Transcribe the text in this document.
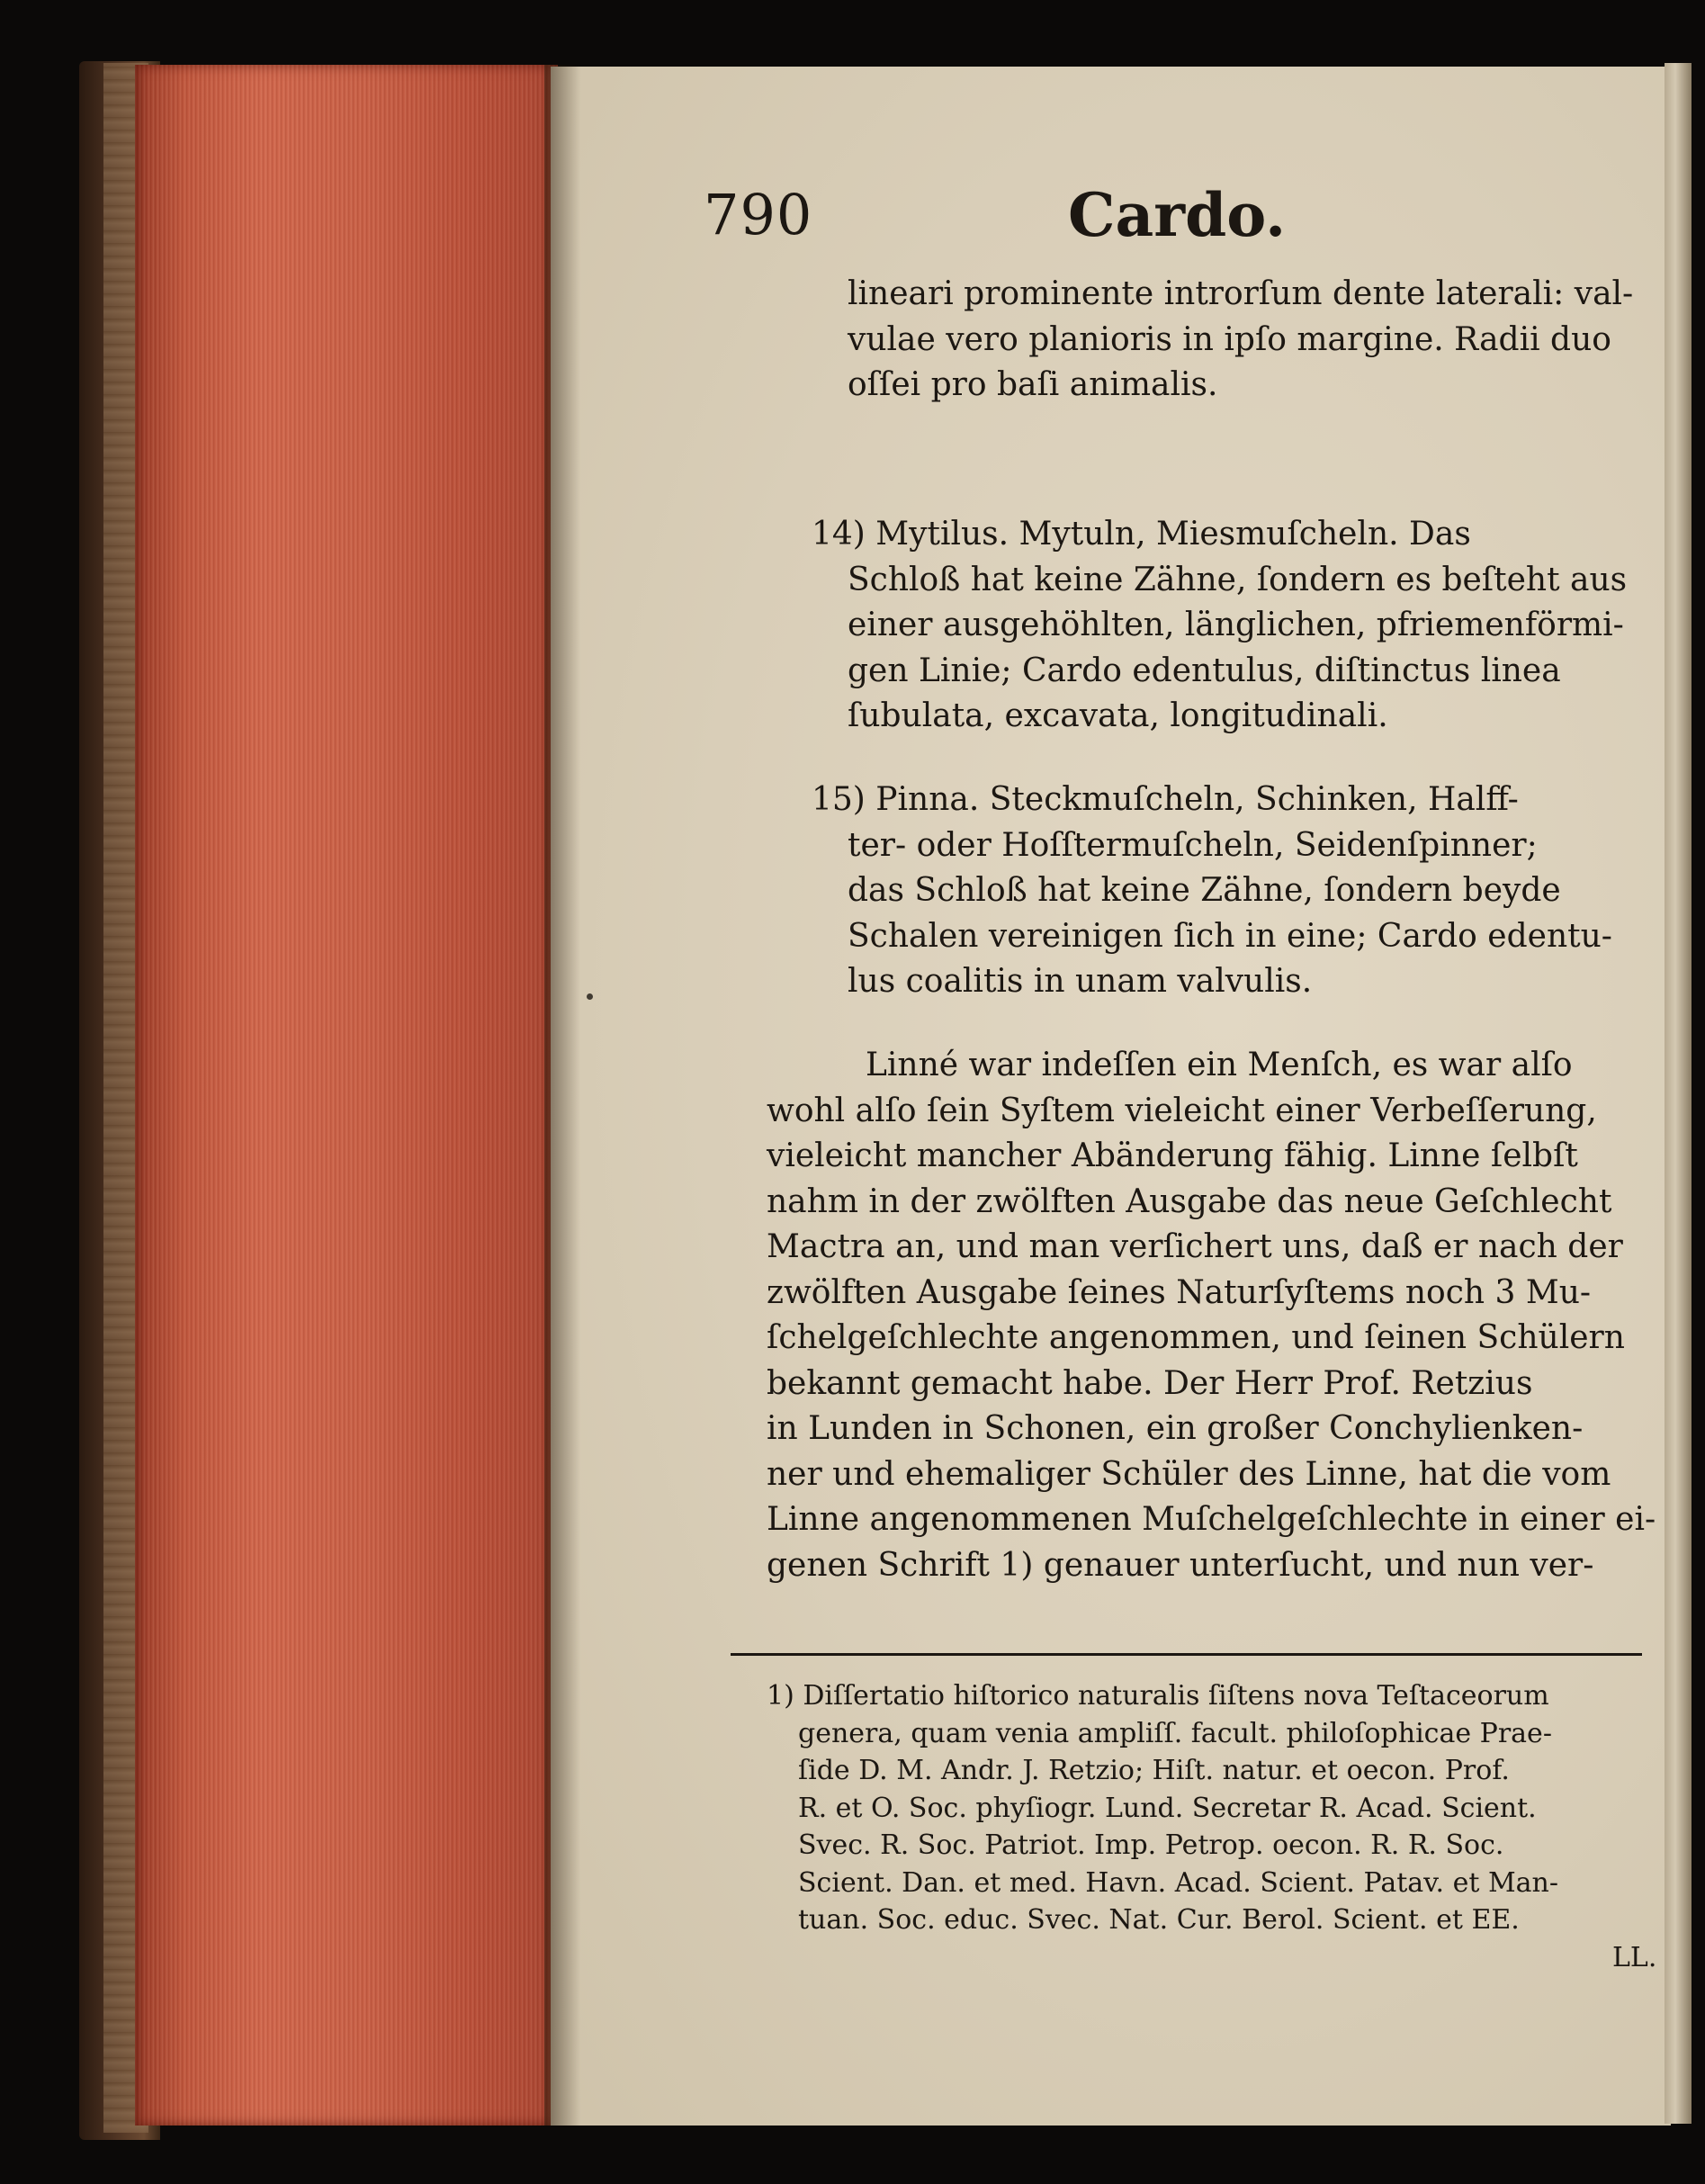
790	Cardo.
lineari prominente introrſum dente laterali: val-
vulae vero planioris in ipſo margine. Radii duo
oſſei pro baſi animalis.
14) Mytilus. Mytuln, Miesmuſcheln. Das
Schloß hat keine Zähne, ſondern es beſteht aus
einer ausgehöhlten, länglichen, pfriemenförmi-
gen Linie; Cardo edentulus, diſtinctus linea
ſubulata, excavata, longitudinali.
15) Pinna. Steckmuſcheln, Schinken, Halff-
ter- oder Hoſſtermuſcheln, Seidenſpinner;
das Schloß hat keine Zähne, ſondern beyde
Schalen vereinigen ſich in eine; Cardo edentu-
lus coalitis in unam valvulis.
Linné war indeſſen ein Menſch, es war alſo
wohl alſo ſein Syſtem vieleicht einer Verbeſſerung,
vieleicht mancher Abänderung fähig. Linne ſelbſt
nahm in der zwölften Ausgabe das neue Geſchlecht
Mactra an, und man verſichert uns, daß er nach der
zwölften Ausgabe ſeines Naturſyſtems noch 3 Mu-
ſchelgeſchlechte angenommen, und ſeinen Schülern
bekannt gemacht habe. Der Herr Prof. Retzius
in Lunden in Schonen, ein großer Conchylienken-
ner und ehemaliger Schüler des Linne, hat die vom
Linne angenommenen Muſchelgeſchlechte in einer ei-
genen Schrift 1) genauer unterſucht, und nun ver-
1) Diſſertatio hiſtorico naturalis ſiſtens nova Teſtaceorum
genera, quam venia ampliſſ. facult. philoſophicae Prae-
ſide D. M. Andr. J. Retzio; Hiſt. natur. et oecon. Prof.
R. et O. Soc. phyſiogr. Lund. Secretar R. Acad. Scient.
Svec. R. Soc. Patriot. Imp. Petrop. oecon. R. R. Soc.
Scient. Dan. et med. Havn. Acad. Scient. Patav. et Man-
tuan. Soc. educ. Svec. Nat. Cur. Berol. Scient. et EE.
LL.
